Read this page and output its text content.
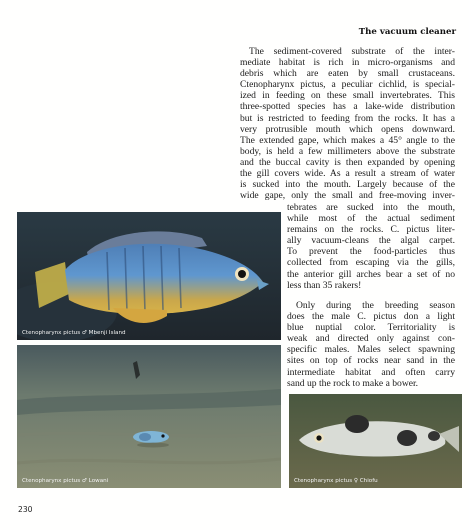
The vacuum cleaner
The sediment-covered substrate of the inter-
mediate habitat is rich in micro-organisms and
debris which are eaten by small crustaceans.
Ctenopharynx pictus, a peculiar cichlid, is special-
ized in feeding on these small invertebrates. This
three-spotted species has a lake-wide distribution
but is restricted to feeding from the rocks. It has a
very protrusible mouth which opens downward.
The extended gape, which makes a 45° angle to the
body, is held a few millimeters above the substrate
and the buccal cavity is then expanded by opening
the gill covers wide. As a result a stream of water
is sucked into the mouth. Largely because of the
wide gape, only the small and free-moving inver-
tebrates are sucked into the mouth,
while most of the actual sediment
remains on the rocks. C. pictus liter-
ally vacuum-cleans the algal carpet.
To prevent the food-particles thus
collected from escaping via the gills,
the anterior gill arches bear a set of no
less than 35 rakers!
Only during the breeding season
does the male C. pictus don a light
blue nuptial color. Territoriality is
weak and directed only against con-
specific males. Males select spawning
sites on top of rocks near sand in the
intermediate habitat and often carry
sand up the rock to make a bower.
Ctenopharynx pictus ♂ Mbenji Island
Ctenopharynx pictus ♂ Lowani	Ctenopharynx pictus ♀ Chiofu
230
